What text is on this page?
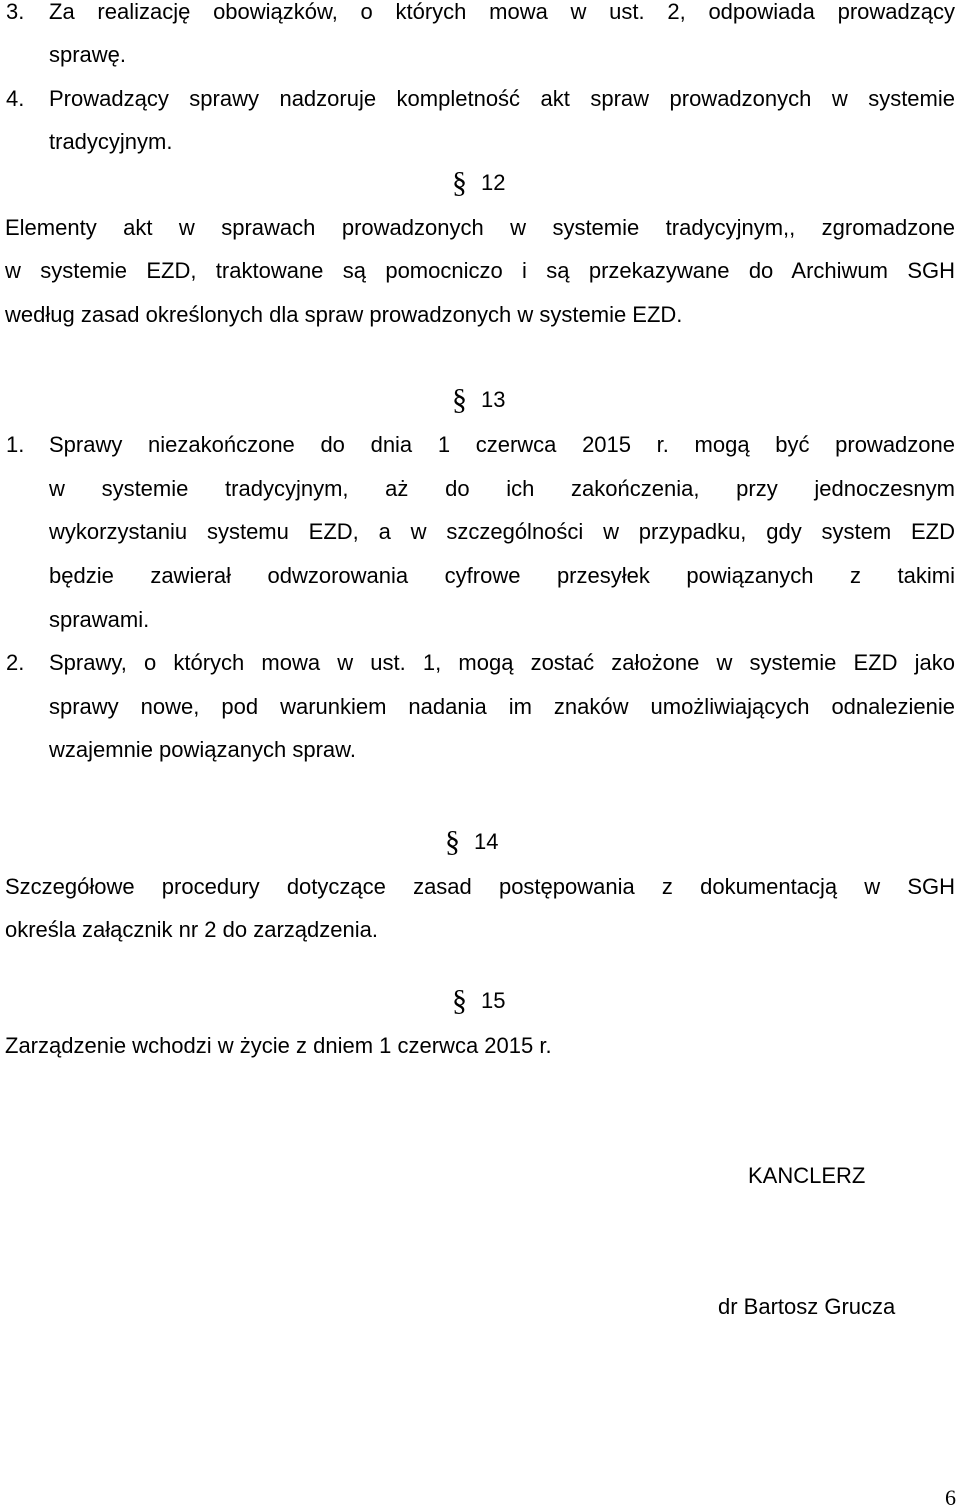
3. Za realizację obowiązków, o których mowa w ust. 2, odpowiada prowadzący

sprawę.

4. Prowadzący sprawy nadzoruje kompletność akt spraw prowadzonych w systemie

tradycyjnym.

§ 12

Elementy akt w sprawach prowadzonych w systemie tradycyjnym,, zgromadzone

w systemie EZD, traktowane są pomocniczo i są przekazywane do Archiwum SGH

według zasad określonych dla spraw prowadzonych w systemie EZD.

§ 13

1. Sprawy niezakończone do dnia 1 czerwca 2015 r. mogą być prowadzone

w systemie tradycyjnym, aż do ich zakończenia, przy jednoczesnym

wykorzystaniu systemu EZD, a w szczególności w przypadku, gdy system EZD

będzie zawierał odwzorowania cyfrowe przesyłek powiązanych z takimi

sprawami.

2. Sprawy, o których mowa w ust. 1, mogą zostać założone w systemie EZD jako

sprawy nowe, pod warunkiem nadania im znaków umożliwiających odnalezienie

wzajemnie powiązanych spraw.

§ 14

Szczegółowe procedury dotyczące zasad postępowania z dokumentacją w SGH

określa załącznik nr 2 do zarządzenia.

§ 15

Zarządzenie wchodzi w życie z dniem 1 czerwca 2015 r.

KANCLERZ

dr Bartosz Grucza

6
